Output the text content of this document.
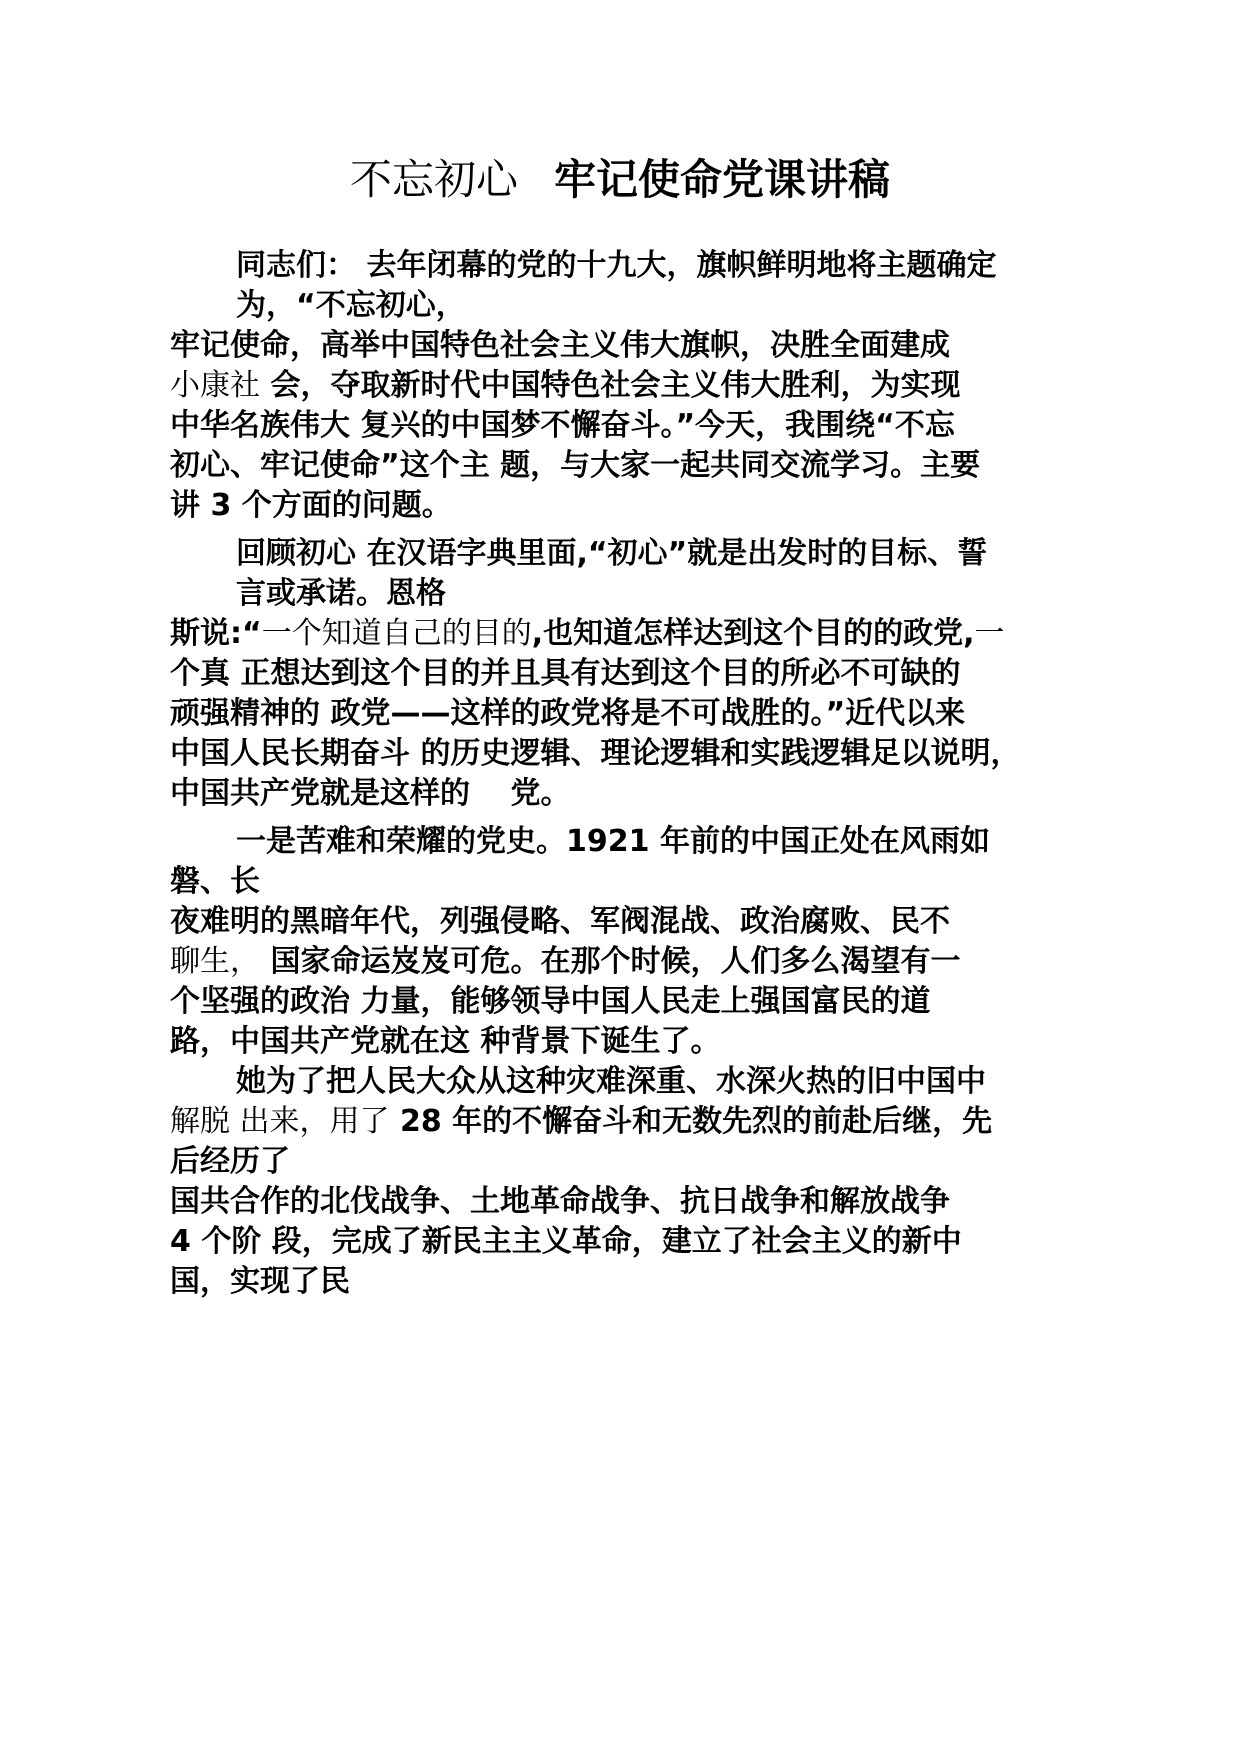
不忘初心 牢记使命党课讲稿
同志们： 去年闭幕的党的十九大，旗帜鲜明地将主题确定
为，“不忘初心，
牢记使命，高举中国特色社会主义伟大旗帜，决胜全面建成
小康社 会，夺取新时代中国特色社会主义伟大胜利，为实现
中华名族伟大 复兴的中国梦不懈奋斗。”今天，我围绕“不忘
初心、牢记使命”这个主 题，与大家一起共同交流学习。主要
讲 3 个方面的问题。
回顾初心 在汉语字典里面,“初心”就是出发时的目标、誓
言或承诺。恩格
斯说:“一个知道自己的目的,也知道怎样达到这个目的的政党,一
个真 正想达到这个目的并且具有达到这个目的所必不可缺的
顽强精神的 政党——这样的政党将是不可战胜的。”近代以来
中国人民长期奋斗 的历史逻辑、理论逻辑和实践逻辑足以说明，
中国共产党就是这样的　 党。
一是苦难和荣耀的党史。1921 年前的中国正处在风雨如
磐、长
夜难明的黑暗年代，列强侵略、军阀混战、政治腐败、民不
聊生， 国家命运岌岌可危。在那个时候，人们多么渴望有一
个坚强的政治 力量，能够领导中国人民走上强国富民的道
路，中国共产党就在这 种背景下诞生了。
她为了把人民大众从这种灾难深重、水深火热的旧中国中
解脱 出来，用了 28 年的不懈奋斗和无数先烈的前赴后继，先
后经历了
国共合作的北伐战争、土地革命战争、抗日战争和解放战争
4 个阶 段，完成了新民主主义革命，建立了社会主义的新中
国，实现了民
